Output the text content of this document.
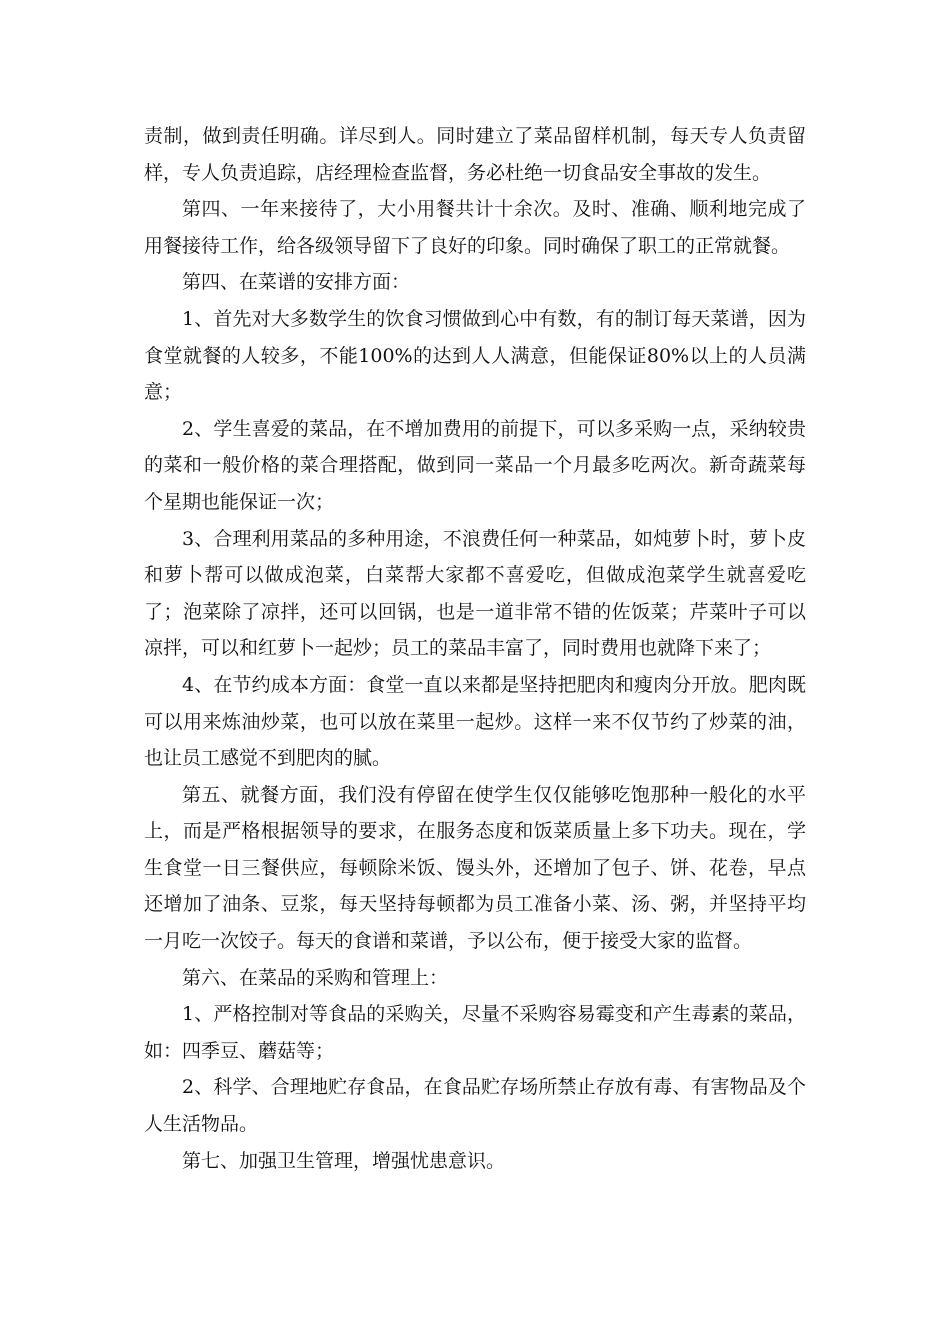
责制，做到责任明确。详尽到人。同时建立了菜品留样机制，每天专人负责留样，专人负责追踪，店经理检查监督，务必杜绝一切食品安全事故的发生。

第四、一年来接待了，大小用餐共计十余次。及时、准确、顺利地完成了用餐接待工作，给各级领导留下了良好的印象。同时确保了职工的正常就餐。

第四、在菜谱的安排方面：

1、首先对大多数学生的饮食习惯做到心中有数，有的制订每天菜谱，因为食堂就餐的人较多，不能100%的达到人人满意，但能保证80%以上的人员满意；

2、学生喜爱的菜品，在不增加费用的前提下，可以多采购一点，采纳较贵的菜和一般价格的菜合理搭配，做到同一菜品一个月最多吃两次。新奇蔬菜每个星期也能保证一次；

3、合理利用菜品的多种用途，不浪费任何一种菜品，如炖萝卜时，萝卜皮和萝卜帮可以做成泡菜，白菜帮大家都不喜爱吃，但做成泡菜学生就喜爱吃了；泡菜除了凉拌，还可以回锅，也是一道非常不错的佐饭菜；芹菜叶子可以凉拌，可以和红萝卜一起炒；员工的菜品丰富了，同时费用也就降下来了；

4、在节约成本方面：食堂一直以来都是坚持把肥肉和瘦肉分开放。肥肉既可以用来炼油炒菜，也可以放在菜里一起炒。这样一来不仅节约了炒菜的油，也让员工感觉不到肥肉的腻。

第五、就餐方面，我们没有停留在使学生仅仅能够吃饱那种一般化的水平上，而是严格根据领导的要求，在服务态度和饭菜质量上多下功夫。现在，学生食堂一日三餐供应，每顿除米饭、馒头外，还增加了包子、饼、花卷，早点还增加了油条、豆浆，每天坚持每顿都为员工准备小菜、汤、粥，并坚持平均一月吃一次饺子。每天的食谱和菜谱，予以公布，便于接受大家的监督。

第六、在菜品的采购和管理上：

1、严格控制对等食品的采购关，尽量不采购容易霉变和产生毒素的菜品，如：四季豆、蘑菇等；

2、科学、合理地贮存食品，在食品贮存场所禁止存放有毒、有害物品及个人生活物品。

第七、加强卫生管理，增强忧患意识。
